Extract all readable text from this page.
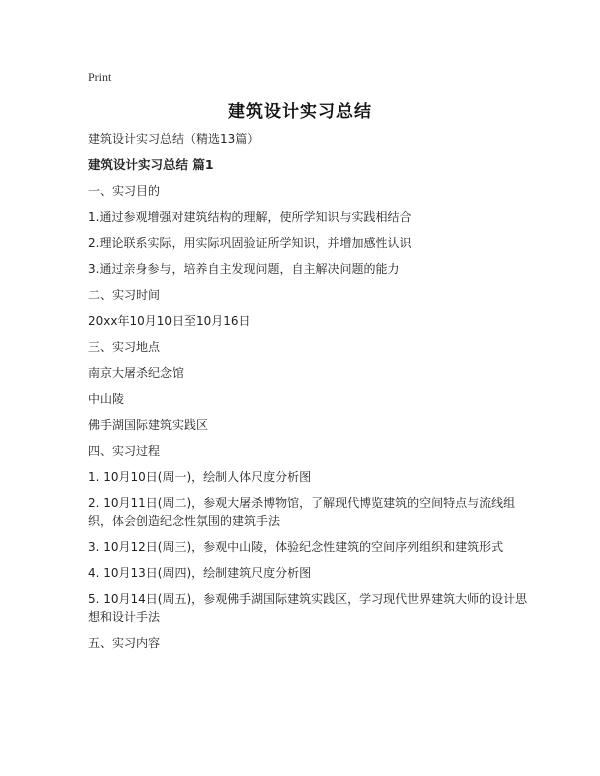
Print
建筑设计实习总结

建筑设计实习总结（精选13篇）

建筑设计实习总结 篇1

一、实习目的

1.通过参观增强对建筑结构的理解，使所学知识与实践相结合

2.理论联系实际，用实际巩固验证所学知识，并增加感性认识

3.通过亲身参与，培养自主发现问题，自主解决问题的能力

二、实习时间

20xx年10月10日至10月16日

三、实习地点

南京大屠杀纪念馆

中山陵

佛手湖国际建筑实践区

四、实习过程

1. 10月10日(周一)，绘制人体尺度分析图

2. 10月11日(周二)，参观大屠杀博物馆，了解现代博览建筑的空间特点与流线组织，体会创造纪念性氛围的建筑手法

3. 10月12日(周三)，参观中山陵，体验纪念性建筑的空间序列组织和建筑形式

4. 10月13日(周四)，绘制建筑尺度分析图

5. 10月14日(周五)，参观佛手湖国际建筑实践区，学习现代世界建筑大师的设计思想和设计手法

五、实习内容
